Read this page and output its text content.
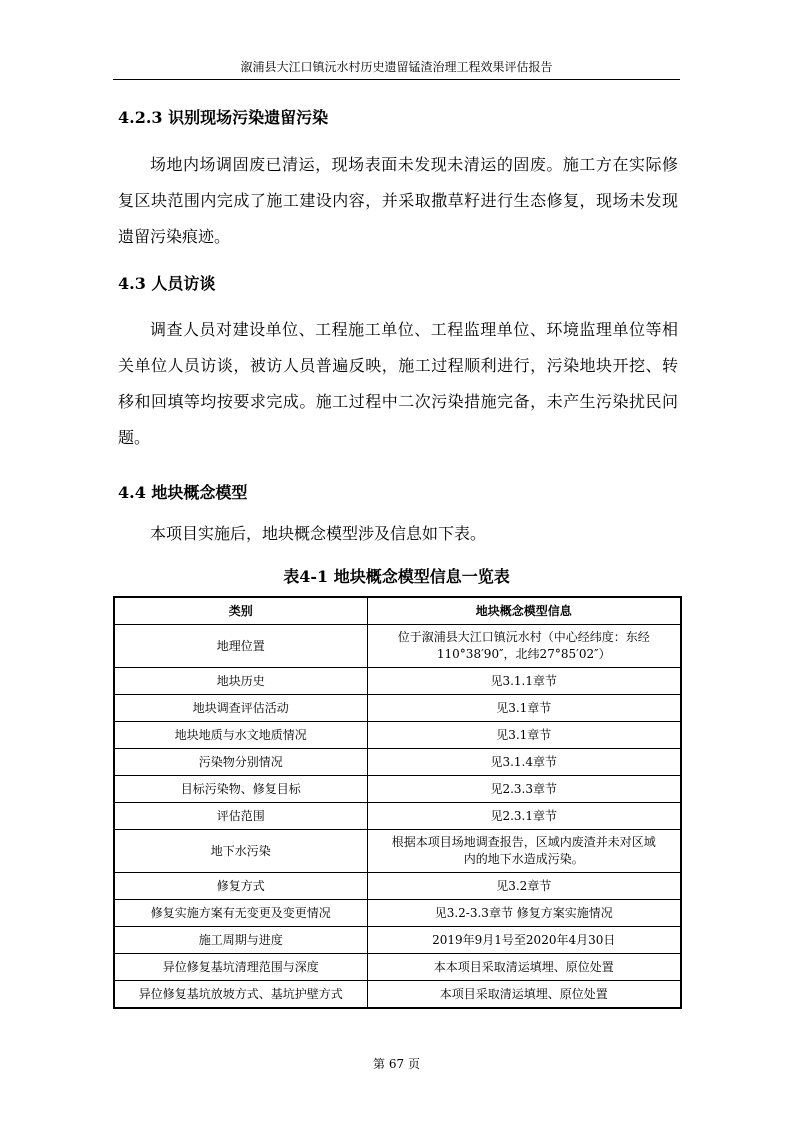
溆浦县大江口镇沅水村历史遗留锰渣治理工程效果评估报告
4.2.3 识别现场污染遗留污染

场地内场调固废已清运，现场表面未发现未清运的固废。施工方在实际修复区块范围内完成了施工建设内容，并采取撒草籽进行生态修复，现场未发现遗留污染痕迹。

4.3 人员访谈

调查人员对建设单位、工程施工单位、工程监理单位、环境监理单位等相关单位人员访谈，被访人员普遍反映，施工过程顺利进行，污染地块开挖、转移和回填等均按要求完成。施工过程中二次污染措施完备，未产生污染扰民问题。

4.4 地块概念模型

本项目实施后，地块概念模型涉及信息如下表。

表4-1 地块概念模型信息一览表
类别	地块概念模型信息
地理位置	位于溆浦县大江口镇沅水村（中心经纬度：东经
110°38′90″，北纬27°85′02″）

地块历史	见3.1.1章节
地块调查评估活动	见3.1章节
地块地质与水文地质情况	见3.1章节
污染物分别情况	见3.1.4章节
目标污染物、修复目标	见2.3.3章节
评估范围	见2.3.1章节
地下水污染	根据本项目场地调查报告，区域内废渣并未对区域
内的地下水造成污染。

修复方式	见3.2章节
修复实施方案有无变更及变更情况	见3.2-3.3章节 修复方案实施情况
施工周期与进度	2019年9月1号至2020年4月30日
异位修复基坑清理范围与深度	本本项目采取清运填埋、原位处置
异位修复基坑放坡方式、基坑护壁方式	本项目采取清运填埋、原位处置
第 67 页
